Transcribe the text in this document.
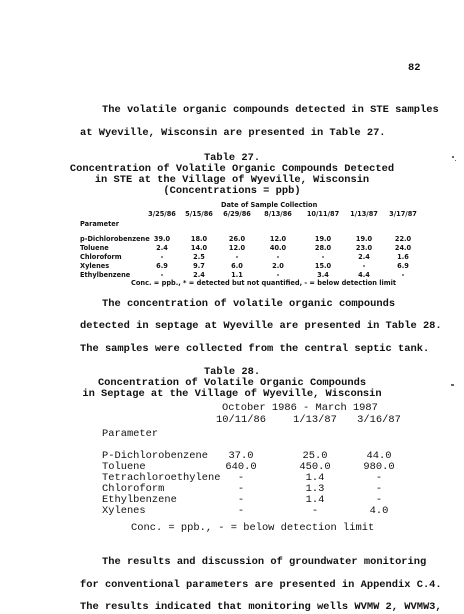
82
The volatile organic compounds detected in STE samples
at Wyeville, Wisconsin are presented in Table 27.
Table 27.
Concentration of Volatile Organic Compounds Detected
in STE at the Village of Wyeville, Wisconsin
(Concentrations = ppb)
Date of Sample Collection
Parameter
3/25/86	5/15/86	6/29/86	8/13/86	10/11/87	1/13/87	3/17/87
p-Dichlorobenzene 39.0	18.0	26.0	12.0	19.0	19.0	22.0
Toluene	2.4	14.0	12.0	40.0	28.0	23.0	24.0
Chloroform	-	2.5	-	-	-	2.4	1.6
Xylenes	6.9	9.7	6.0	2.0	15.0	-	6.9
Ethylbenzene	-	2.4	1.1	-	3.4	4.4	-
Conc. = ppb., * = detected but not quantified, - = below detection limit
The concentration of volatile organic compounds
detected in septage at Wyeville are presented in Table 28.
The samples were collected from the central septic tank.
Table 28.
Concentration of Volatile Organic Compounds
in Septage at the Village of Wyeville, Wisconsin
October 1986 - March 1987
10/11/86	1/13/87	3/16/87
Parameter
P-Dichlorobenzene	37.0	25.0	44.0
Toluene	640.0	450.0	980.0
Tetrachloroethylene	-	1.4	-
Chloroform	-	1.3	-
Ethylbenzene	-	1.4	-
Xylenes	-	-	4.0
Conc. = ppb., - = below detection limit
The results and discussion of groundwater monitoring
for conventional parameters are presented in Appendix C.4.
The results indicated that monitoring wells WVMW 2, WVMW3,
